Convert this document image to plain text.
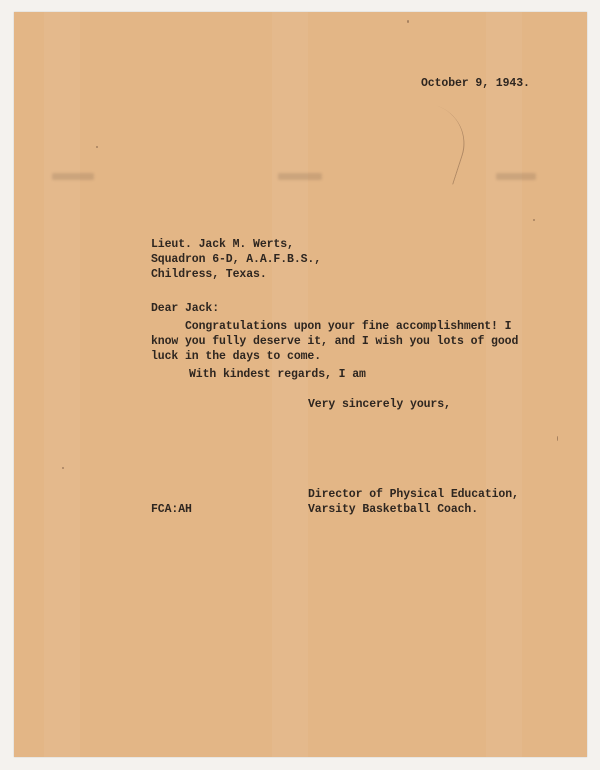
October 9, 1943.
Lieut. Jack M. Werts,
Squadron 6-D, A.A.F.B.S.,
Childress, Texas.
Dear Jack:
Congratulations upon your fine accomplishment! I
know you fully deserve it, and I wish you lots of good
luck in the days to come.
With kindest regards, I am
Very sincerely yours,
Director of Physical Education,
Varsity Basketball Coach.
FCA:AH
